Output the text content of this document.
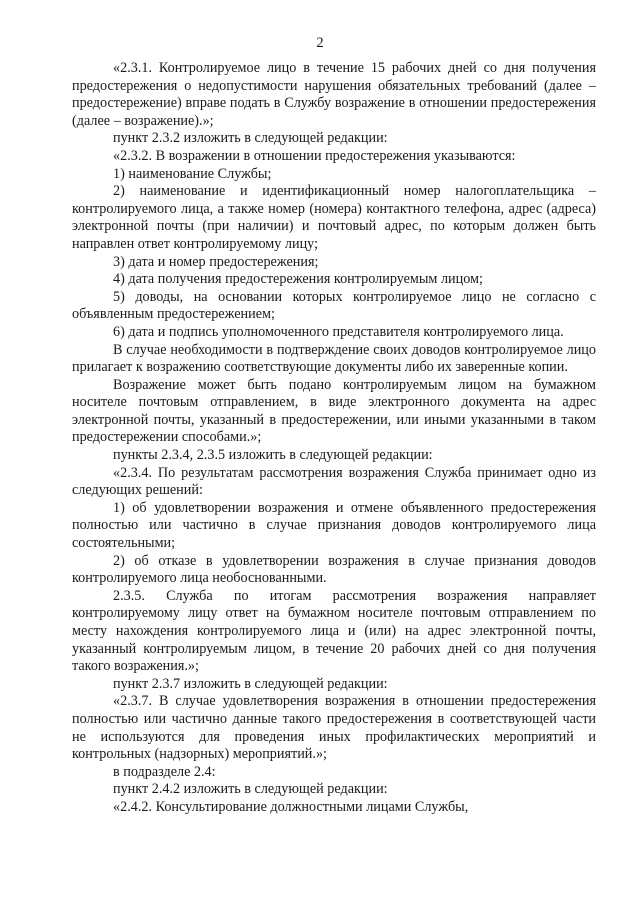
2

«2.3.1. Контролируемое лицо в течение 15 рабочих дней со дня получения предостережения о недопустимости нарушения обязательных требований (далее – предостережение) вправе подать в Службу возражение в отношении предостережения (далее – возражение).»;

пункт 2.3.2 изложить в следующей редакции:

«2.3.2. В возражении в отношении предостережения указываются:

1) наименование Службы;

2) наименование и идентификационный номер налогоплательщика – контролируемого лица, а также номер (номера) контактного телефона, адрес (адреса) электронной почты (при наличии) и почтовый адрес, по которым должен быть направлен ответ контролируемому лицу;

3) дата и номер предостережения;

4) дата получения предостережения контролируемым лицом;

5) доводы, на основании которых контролируемое лицо не согласно с объявленным предостережением;

6) дата и подпись уполномоченного представителя контролируемого лица.

В случае необходимости в подтверждение своих доводов контролируемое лицо прилагает к возражению соответствующие документы либо их заверенные копии.

Возражение может быть подано контролируемым лицом на бумажном носителе почтовым отправлением, в виде электронного документа на адрес электронной почты, указанный в предостережении, или иными указанными в таком предостережении способами.»;

пункты 2.3.4, 2.3.5 изложить в следующей редакции:

«2.3.4. По результатам рассмотрения возражения Служба принимает одно из следующих решений:

1) об удовлетворении возражения и отмене объявленного предостережения полностью или частично в случае признания доводов контролируемого лица состоятельными;

2) об отказе в удовлетворении возражения в случае признания доводов контролируемого лица необоснованными.

2.3.5. Служба по итогам рассмотрения возражения направляет контролируемому лицу ответ на бумажном носителе почтовым отправлением по месту нахождения контролируемого лица и (или) на адрес электронной почты, указанный контролируемым лицом, в течение 20 рабочих дней со дня получения такого возражения.»;

пункт 2.3.7 изложить в следующей редакции:

«2.3.7. В случае удовлетворения возражения в отношении предостережения полностью или частично данные такого предостережения в соответствующей части не используются для проведения иных профилактических мероприятий и контрольных (надзорных) мероприятий.»;

в подразделе 2.4:

пункт 2.4.2 изложить в следующей редакции:

«2.4.2. Консультирование должностными лицами Службы,
